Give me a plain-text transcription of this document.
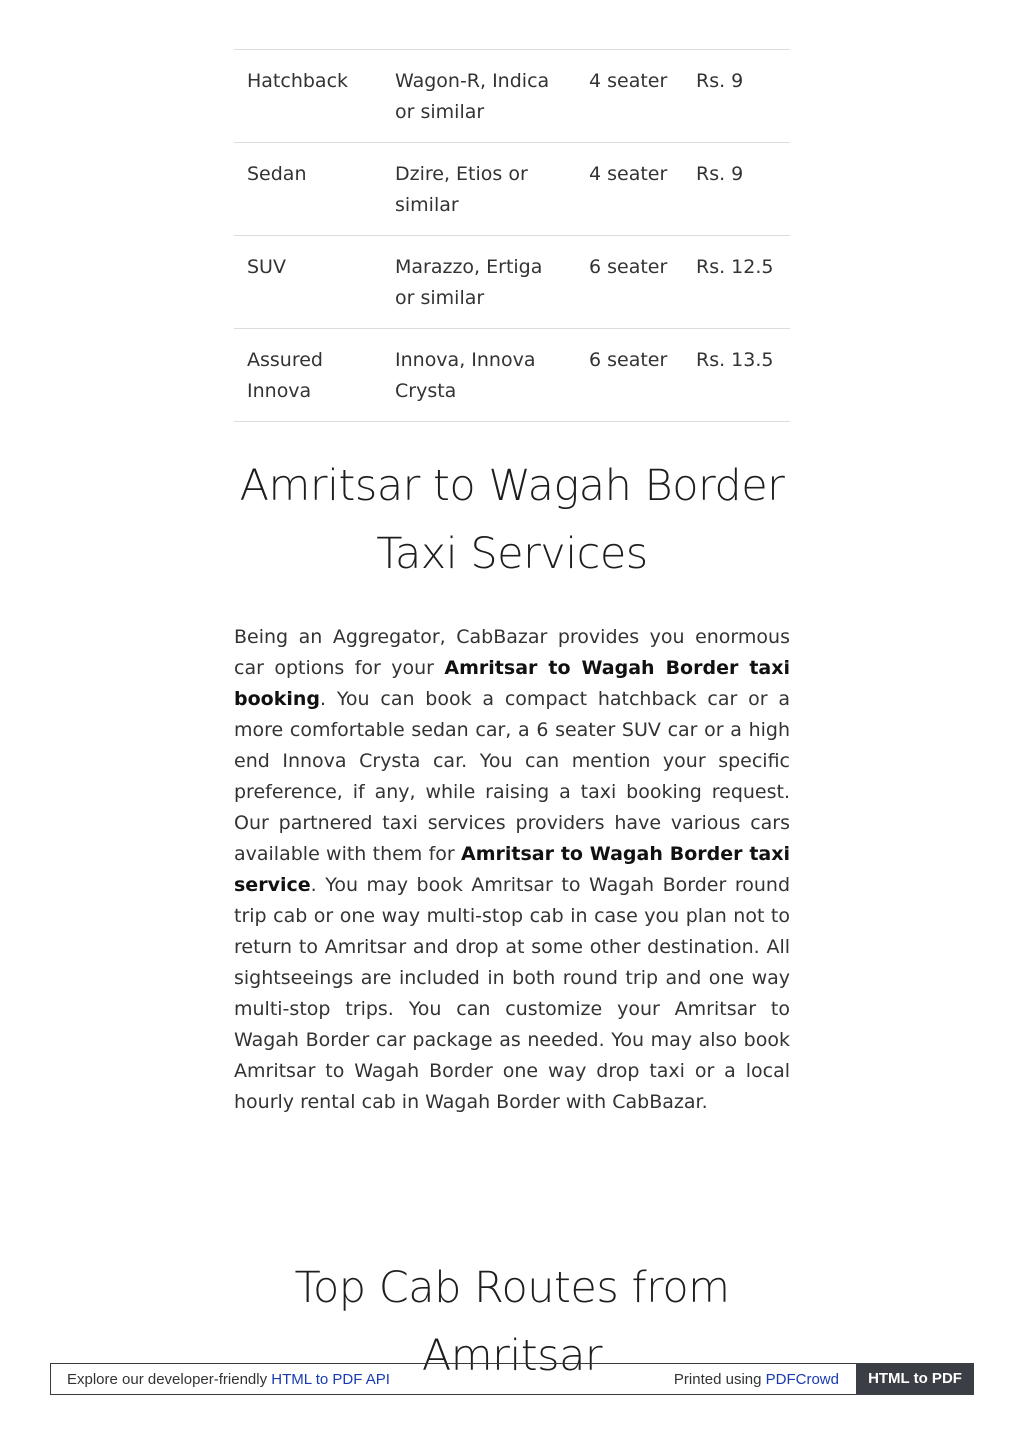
Hatchback	Wagon-R, Indica or similar	4 seater	Rs. 9
Sedan	Dzire, Etios or similar	4 seater	Rs. 9
SUV	Marazzo, Ertiga or similar	6 seater	Rs. 12.5
Assured Innova	Innova, Innova Crysta	6 seater	Rs. 13.5
Amritsar to Wagah Border Taxi Services

Being an Aggregator, CabBazar provides you enormous car options for your Amritsar to Wagah Border taxi booking. You can book a compact hatchback car or a more comfortable sedan car, a 6 seater SUV car or a high end Innova Crysta car. You can mention your specific preference, if any, while raising a taxi booking request. Our partnered taxi services providers have various cars available with them for Amritsar to Wagah Border taxi service. You may book Amritsar to Wagah Border round trip cab or one way multi-stop cab in case you plan not to return to Amritsar and drop at some other destination. All sightseeings are included in both round trip and one way multi-stop trips. You can customize your Amritsar to Wagah Border car package as needed. You may also book Amritsar to Wagah Border one way drop taxi or a local hourly rental cab in Wagah Border with CabBazar.

Top Cab Routes from Amritsar
Explore our developer-friendly HTML to PDF API	Printed using PDFCrowd	HTML to PDF
